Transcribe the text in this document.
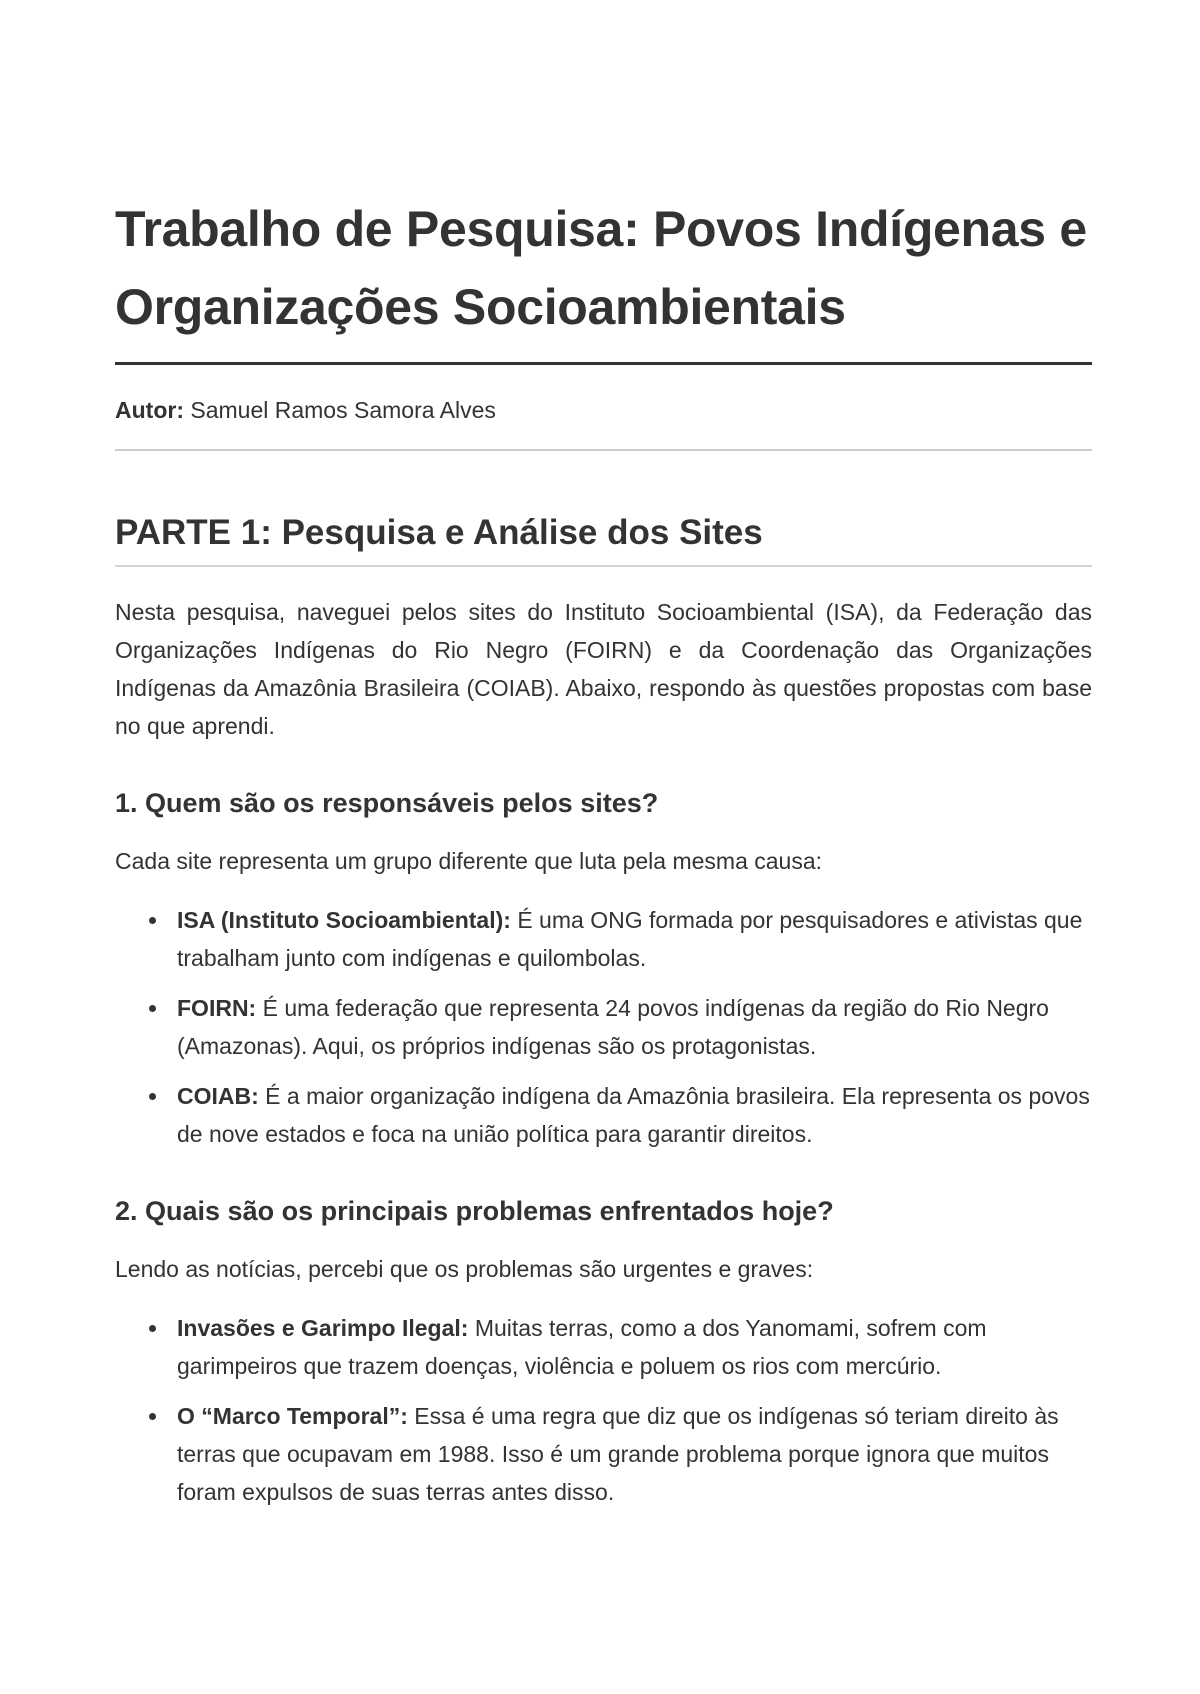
Trabalho de Pesquisa: Povos Indígenas e Organizações Socioambientais
Autor: Samuel Ramos Samora Alves
PARTE 1: Pesquisa e Análise dos Sites

Nesta pesquisa, naveguei pelos sites do Instituto Socioambiental (ISA), da Federação das Organizações Indígenas do Rio Negro (FOIRN) e da Coordenação das Organizações Indígenas da Amazônia Brasileira (COIAB). Abaixo, respondo às questões propostas com base no que aprendi.

1. Quem são os responsáveis pelos sites?

Cada site representa um grupo diferente que luta pela mesma causa:

ISA (Instituto Socioambiental): É uma ONG formada por pesquisadores e ativistas que trabalham junto com indígenas e quilombolas.
FOIRN: É uma federação que representa 24 povos indígenas da região do Rio Negro (Amazonas). Aqui, os próprios indígenas são os protagonistas.
COIAB: É a maior organização indígena da Amazônia brasileira. Ela representa os povos de nove estados e foca na união política para garantir direitos.
2. Quais são os principais problemas enfrentados hoje?

Lendo as notícias, percebi que os problemas são urgentes e graves:

Invasões e Garimpo Ilegal: Muitas terras, como a dos Yanomami, sofrem com garimpeiros que trazem doenças, violência e poluem os rios com mercúrio.
O “Marco Temporal”: Essa é uma regra que diz que os indígenas só teriam direito às terras que ocupavam em 1988. Isso é um grande problema porque ignora que muitos foram expulsos de suas terras antes disso.
